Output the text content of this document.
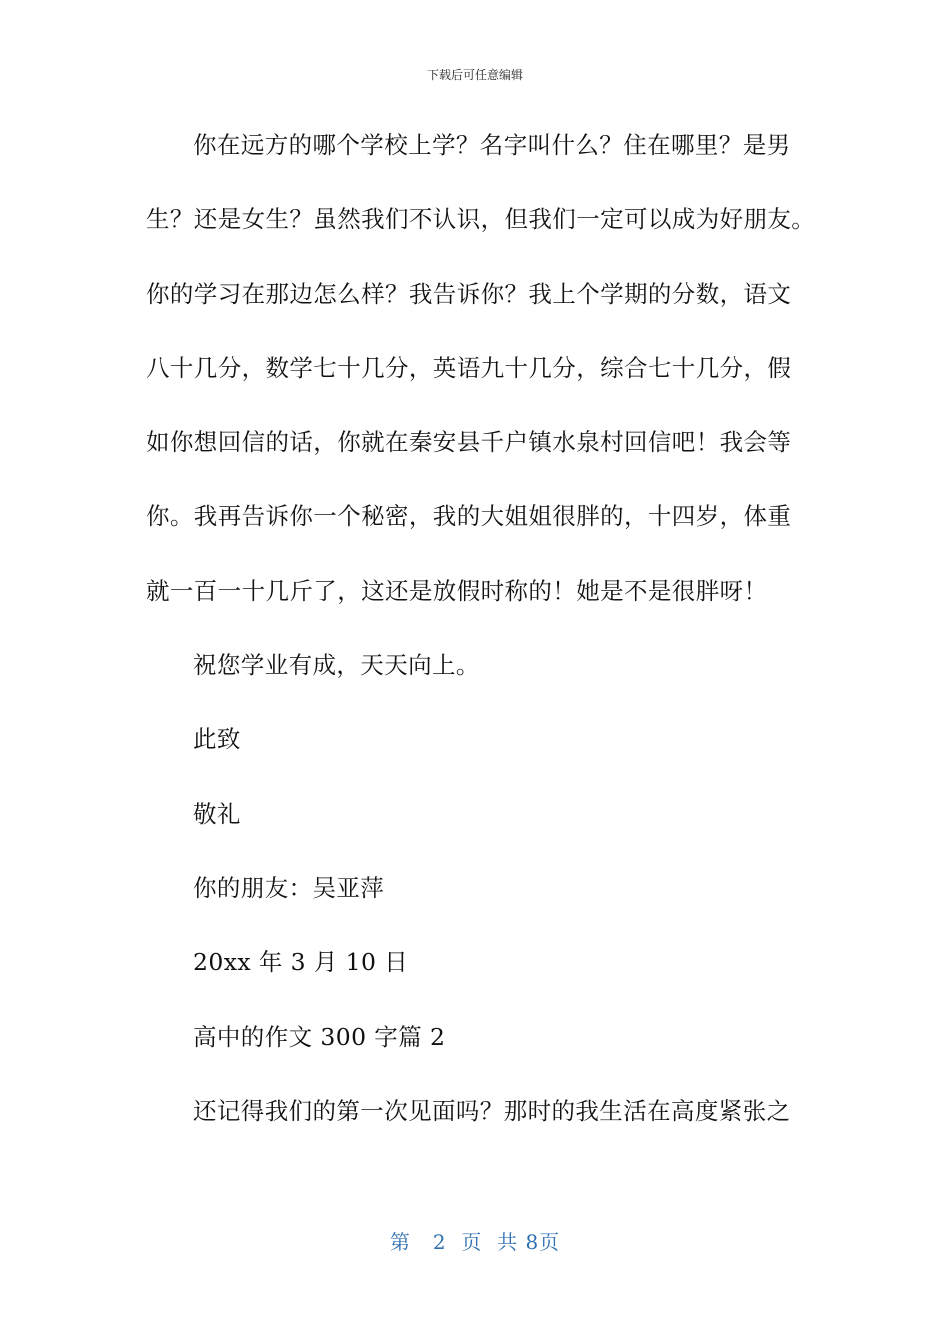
下载后可任意编辑
你在远方的哪个学校上学？名字叫什么？住在哪里？是男
生？还是女生？虽然我们不认识，但我们一定可以成为好朋友。
你的学习在那边怎么样？我告诉你？我上个学期的分数，语文
八十几分，数学七十几分，英语九十几分，综合七十几分，假
如你想回信的话，你就在秦安县千户镇水泉村回信吧！我会等
你。我再告诉你一个秘密，我的大姐姐很胖的，十四岁，体重
就一百一十几斤了，这还是放假时称的！她是不是很胖呀！
祝您学业有成，天天向上。
此致
敬礼
你的朋友：吴亚萍
20xx 年 3 月 10 日
高中的作文 300 字篇 2
还记得我们的第一次见面吗？那时的我生活在高度紧张之
第 2 页 共 8页
